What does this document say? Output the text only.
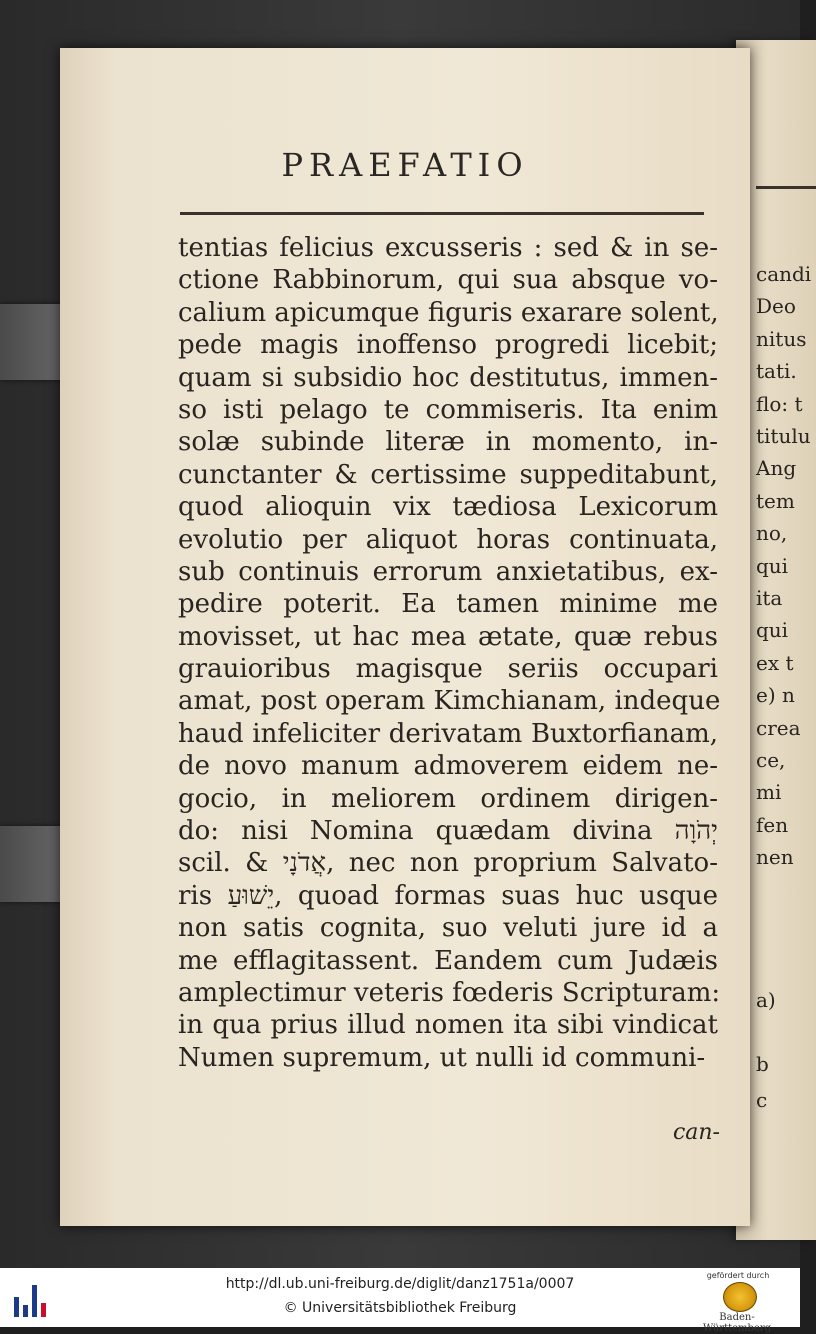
candi
Deo
nitus
tati.
flo: t
titulu
Ang
tem
no,
qui
ita
qui
ex t
e) n
crea
ce,
mi
fen
nen
a)
b
c
PRAEFATIO
tentias felicius excusseris : sed & in se-
ctione Rabbinorum, qui sua absque vo-
calium apicumque figuris exarare solent,
pede magis inoffenso progredi licebit;
quam si subsidio hoc destitutus, immen-
so isti pelago te commiseris. Ita enim
solæ subinde literæ in momento, in-
cunctanter & certissime suppeditabunt,
quod alioquin vix tædiosa Lexicorum
evolutio per aliquot horas continuata,
sub continuis errorum anxietatibus, ex-
pedire poterit. Ea tamen minime me
movisset, ut hac mea ætate, quæ rebus
grauioribus magisque seriis occupari
amat, post operam Kimchianam, indeque
haud infeliciter derivatam Buxtorfianam,
de novo manum admoverem eidem ne-
gocio, in meliorem ordinem dirigen-
do: nisi Nomina quædam divina יְהֹוָה
scil. & אֲדֹנָי, nec non proprium Salvato-
ris יֵשׁוּעַ, quoad formas suas huc usque
non satis cognita, suo veluti jure id a
me efflagitassent. Eandem cum Judæis
amplectimur veteris fœderis Scripturam:
in qua prius illud nomen ita sibi vindicat
Numen supremum, ut nulli id communi-
can-
http://dl.ub.uni-freiburg.de/diglit/danz1751a/0007
© Universitätsbibliothek Freiburg
gefördert durch
Baden-Württemberg
